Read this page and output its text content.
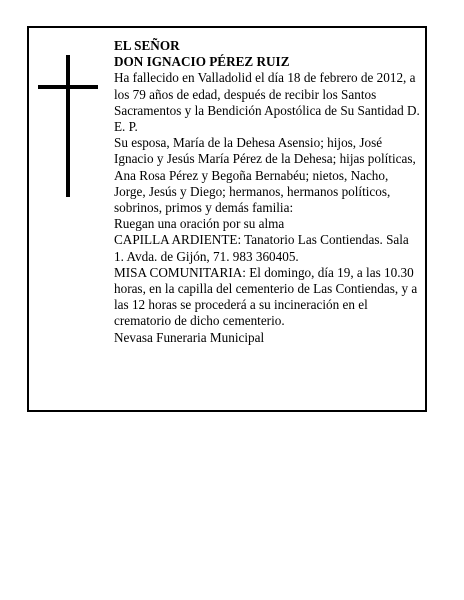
EL SEÑOR

DON IGNACIO PÉREZ RUIZ

Ha fallecido en Valladolid el día 18 de febrero de 2012, a los 79 años de edad, después de recibir los Santos Sacramentos y la Bendición Apostólica de Su Santidad D. E. P.

Su esposa, María de la Dehesa Asensio; hijos, José Ignacio y Jesús María Pérez de la Dehesa; hijas políticas, Ana Rosa Pérez y Begoña Bernabéu; nietos, Nacho, Jorge, Jesús y Diego; hermanos, hermanos políticos, sobrinos, primos y demás familia:

Ruegan una oración por su alma

CAPILLA ARDIENTE: Tanatorio Las Contiendas. Sala 1. Avda. de Gijón, 71. 983 360405.

MISA COMUNITARIA: El domingo, día 19, a las 10.30 horas, en la capilla del cementerio de Las Contiendas, y a las 12 horas se procederá a su incineración en el crematorio de dicho cementerio.

Nevasa Funeraria Municipal
